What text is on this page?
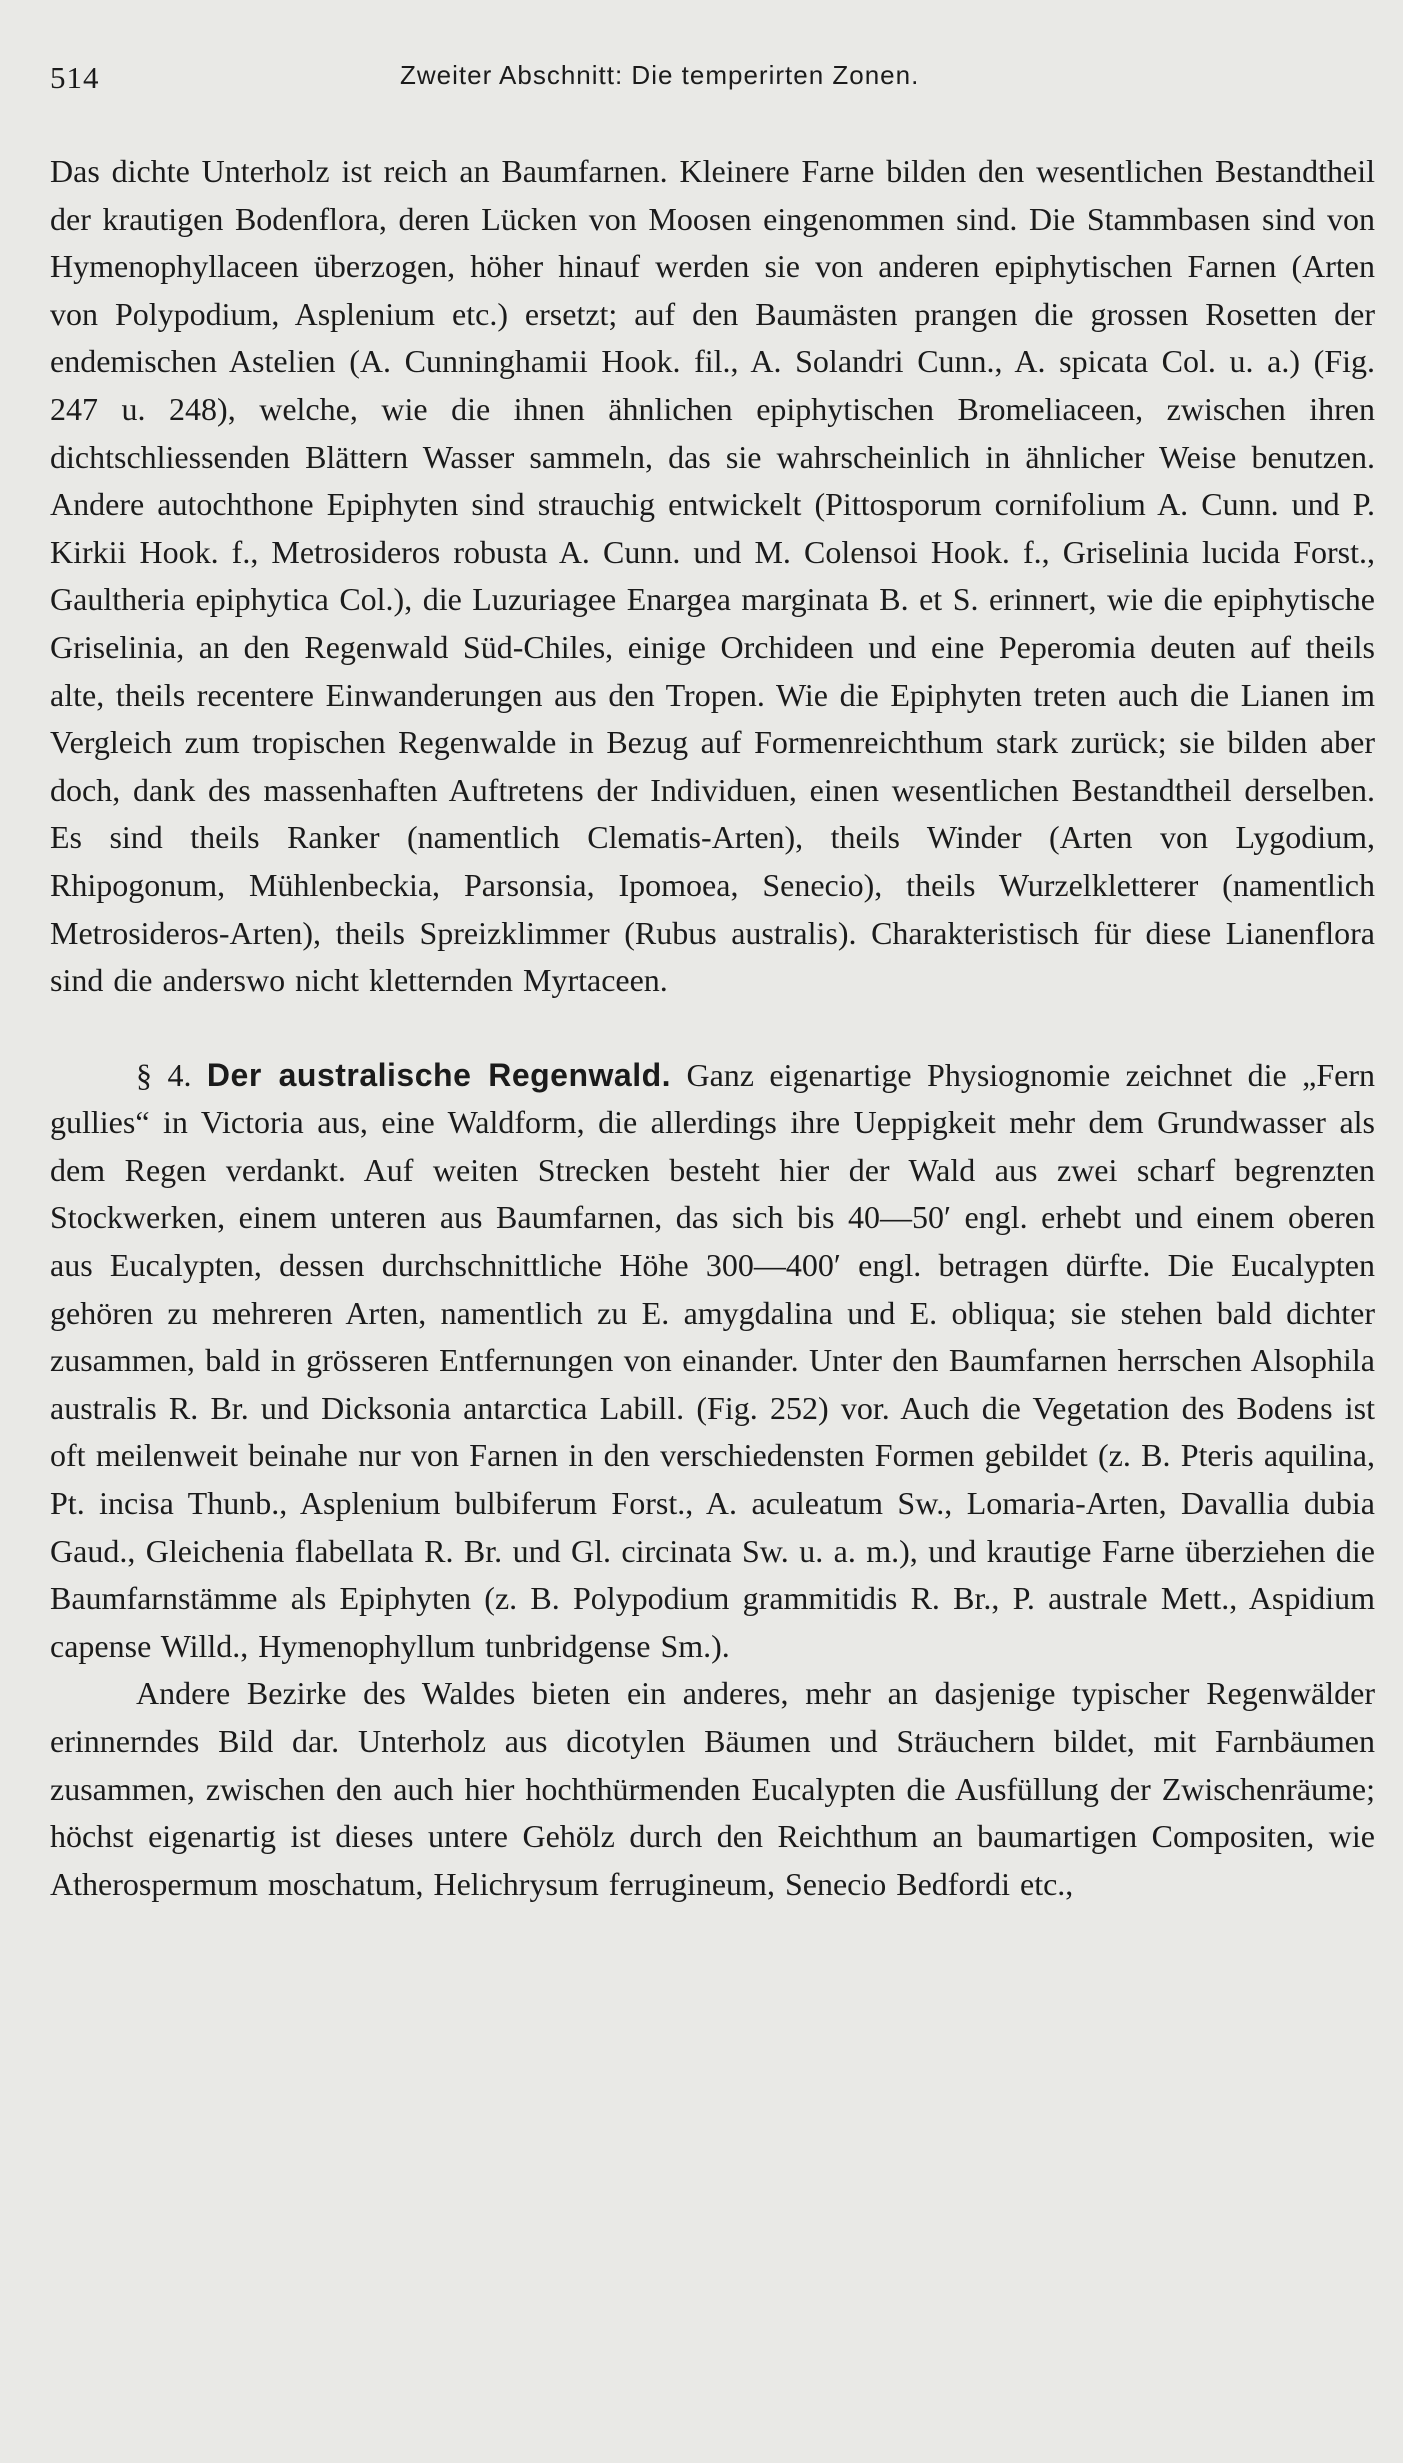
514	Zweiter Abschnitt: Die temperirten Zonen.

Das dichte Unterholz ist reich an Baumfarnen. Kleinere Farne bilden den wesentlichen Bestandtheil der krautigen Bodenflora, deren Lücken von Moosen eingenommen sind. Die Stammbasen sind von Hymenophyllaceen überzogen, höher hinauf werden sie von anderen epiphytischen Farnen (Arten von Polypodium, Asplenium etc.) ersetzt; auf den Baumästen prangen die grossen Rosetten der endemischen Astelien (A. Cunninghamii Hook. fil., A. Solandri Cunn., A. spicata Col. u. a.) (Fig. 247 u. 248), welche, wie die ihnen ähnlichen epiphytischen Bromeliaceen, zwischen ihren dichtschliessenden Blättern Wasser sammeln, das sie wahrscheinlich in ähnlicher Weise benutzen. Andere autochthone Epiphyten sind strauchig entwickelt (Pittosporum cornifolium A. Cunn. und P. Kirkii Hook. f., Metrosideros robusta A. Cunn. und M. Colensoi Hook. f., Griselinia lucida Forst., Gaultheria epiphytica Col.), die Luzuriagee Enargea marginata B. et S. erinnert, wie die epiphytische Griselinia, an den Regenwald Süd-Chiles, einige Orchideen und eine Peperomia deuten auf theils alte, theils recentere Einwanderungen aus den Tropen. Wie die Epiphyten treten auch die Lianen im Vergleich zum tropischen Regenwalde in Bezug auf Formenreichthum stark zurück; sie bilden aber doch, dank des massenhaften Auftretens der Individuen, einen wesentlichen Bestandtheil derselben. Es sind theils Ranker (namentlich Clematis-Arten), theils Winder (Arten von Lygodium, Rhipogonum, Mühlenbeckia, Parsonsia, Ipomoea, Senecio), theils Wurzelkletterer (namentlich Metrosideros-Arten), theils Spreizklimmer (Rubus australis). Charakteristisch für diese Lianenflora sind die anderswo nicht kletternden Myrtaceen.

§ 4. Der australische Regenwald. Ganz eigenartige Physiognomie zeichnet die „Fern gullies“ in Victoria aus, eine Waldform, die allerdings ihre Ueppigkeit mehr dem Grundwasser als dem Regen verdankt. Auf weiten Strecken besteht hier der Wald aus zwei scharf begrenzten Stockwerken, einem unteren aus Baumfarnen, das sich bis 40—50′ engl. erhebt und einem oberen aus Eucalypten, dessen durchschnittliche Höhe 300—400′ engl. betragen dürfte. Die Eucalypten gehören zu mehreren Arten, namentlich zu E. amygdalina und E. obliqua; sie stehen bald dichter zusammen, bald in grösseren Entfernungen von einander. Unter den Baumfarnen herrschen Alsophila australis R. Br. und Dicksonia antarctica Labill. (Fig. 252) vor. Auch die Vegetation des Bodens ist oft meilenweit beinahe nur von Farnen in den verschiedensten Formen gebildet (z. B. Pteris aquilina, Pt. incisa Thunb., Asplenium bulbiferum Forst., A. aculeatum Sw., Lomaria-Arten, Davallia dubia Gaud., Gleichenia flabellata R. Br. und Gl. circinata Sw. u. a. m.), und krautige Farne überziehen die Baumfarnstämme als Epiphyten (z. B. Polypodium grammitidis R. Br., P. australe Mett., Aspidium capense Willd., Hymenophyllum tunbridgense Sm.).

Andere Bezirke des Waldes bieten ein anderes, mehr an dasjenige typischer Regenwälder erinnerndes Bild dar. Unterholz aus dicotylen Bäumen und Sträuchern bildet, mit Farnbäumen zusammen, zwischen den auch hier hochthürmenden Eucalypten die Ausfüllung der Zwischenräume; höchst eigenartig ist dieses untere Gehölz durch den Reichthum an baumartigen Compositen, wie Atherospermum moschatum, Helichrysum ferrugineum, Senecio Bedfordi etc.,
